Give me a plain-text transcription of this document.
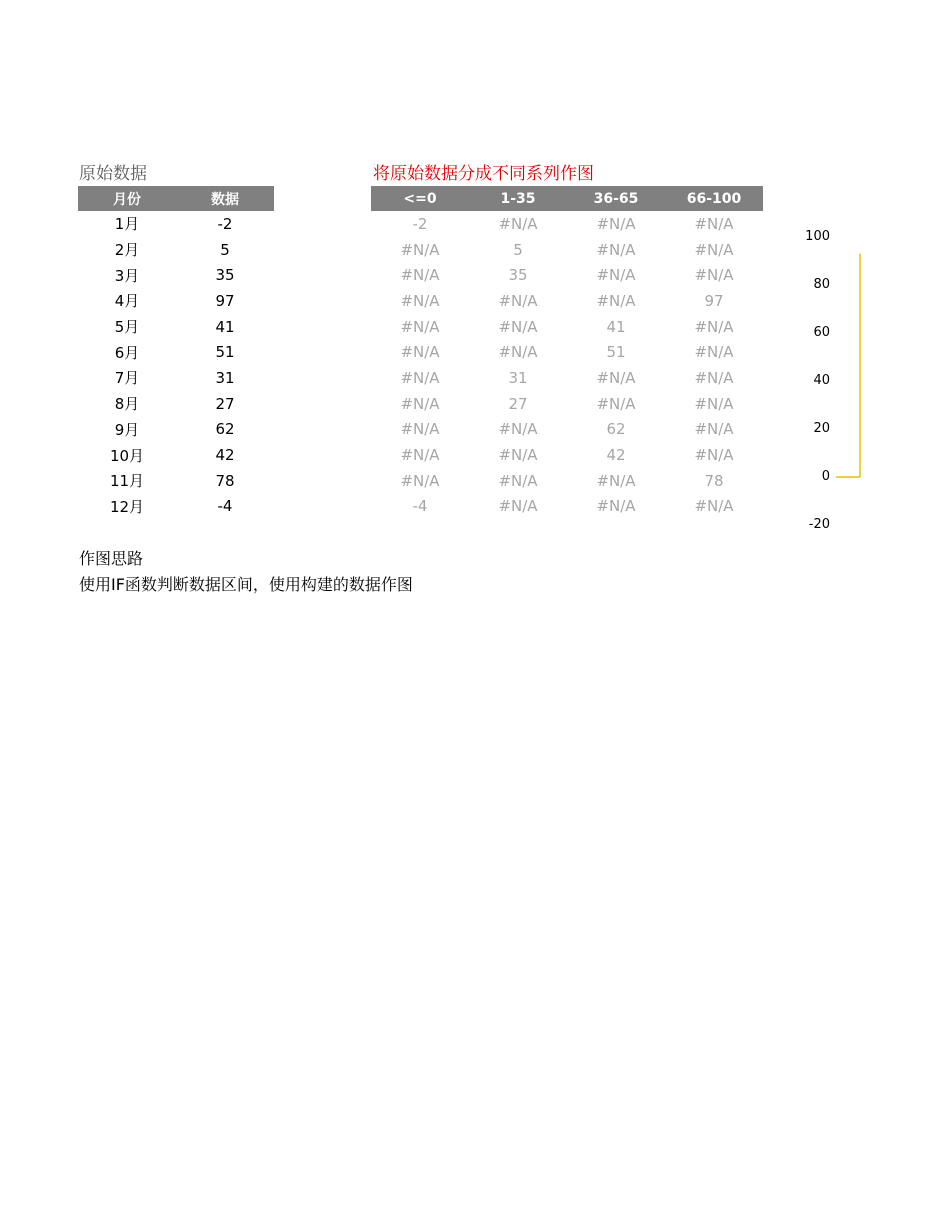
原始数据	将原始数据分成不同系列作图
月份	数据
1月	-2
2月	5
3月	35
4月	97
5月	41
6月	51
7月	31
8月	27
9月	62
10月	42
11月	78
12月	-4
<=0	1-35	36-65	66-100
-2	#N/A	#N/A	#N/A
#N/A	5	#N/A	#N/A
#N/A	35	#N/A	#N/A
#N/A	#N/A	#N/A	97
#N/A	#N/A	41	#N/A
#N/A	#N/A	51	#N/A
#N/A	31	#N/A	#N/A
#N/A	27	#N/A	#N/A
#N/A	#N/A	62	#N/A
#N/A	#N/A	42	#N/A
#N/A	#N/A	#N/A	78
-4	#N/A	#N/A	#N/A
作图思路
使用IF函数判断数据区间，使用构建的数据作图
100
80
60
40
20
0
-20
